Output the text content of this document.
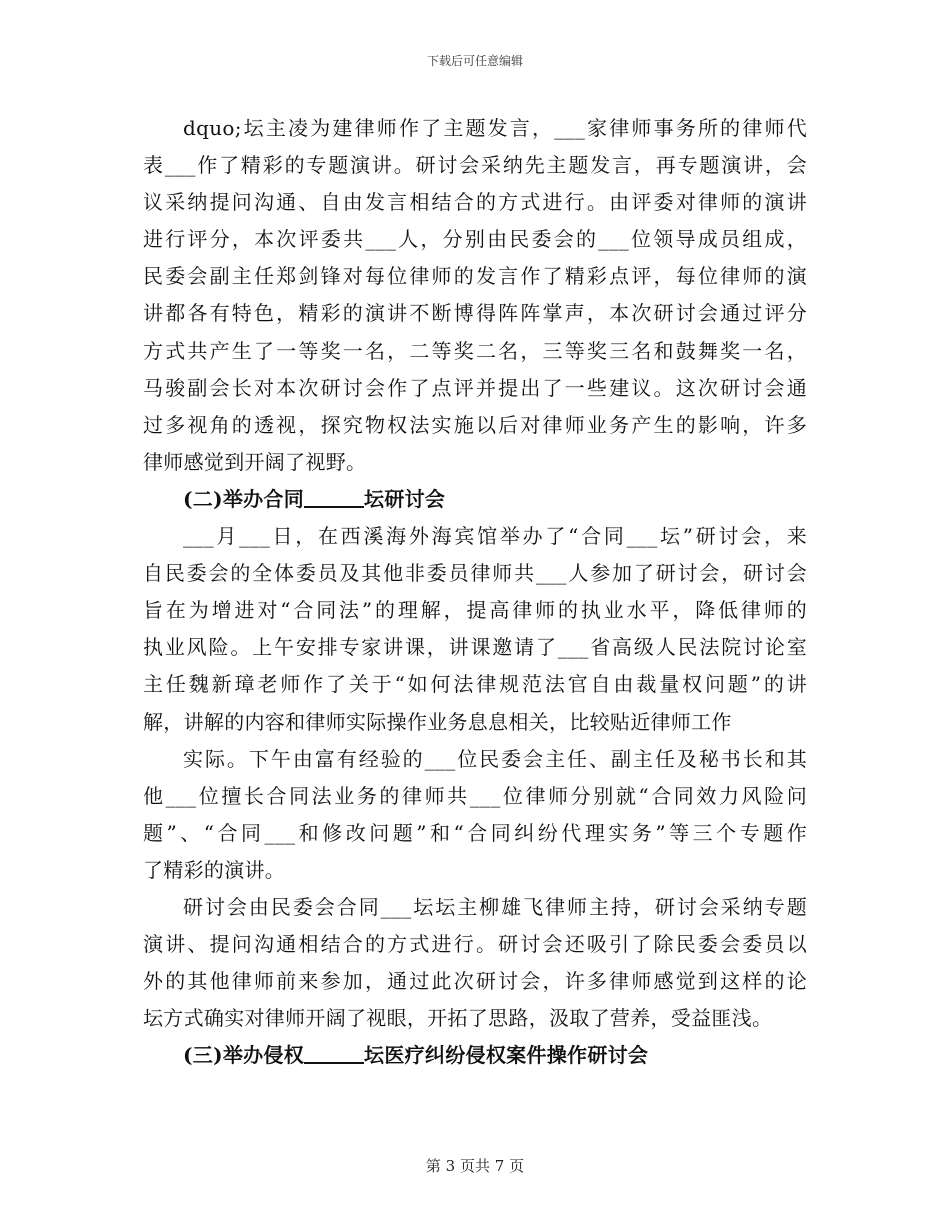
下载后可任意编辑

dquo;坛主凌为建律师作了主题发言，___家律师事务所的律师代

表___作了精彩的专题演讲。研讨会采纳先主题发言，再专题演讲，会

议采纳提问沟通、自由发言相结合的方式进行。由评委对律师的演讲

进行评分，本次评委共___人，分别由民委会的___位领导成员组成，

民委会副主任郑剑锋对每位律师的发言作了精彩点评，每位律师的演

讲都各有特色，精彩的演讲不断博得阵阵掌声，本次研讨会通过评分

方式共产生了一等奖一名，二等奖二名，三等奖三名和鼓舞奖一名，

马骏副会长对本次研讨会作了点评并提出了一些建议。这次研讨会通

过多视角的透视，探究物权法实施以后对律师业务产生的影响，许多

律师感觉到开阔了视野。

(二)举办合同	坛研讨会

___月___日，在西溪海外海宾馆举办了“合同___坛”研讨会，来

自民委会的全体委员及其他非委员律师共___人参加了研讨会，研讨会

旨在为增进对“合同法”的理解，提高律师的执业水平，降低律师的

执业风险。上午安排专家讲课，讲课邀请了___省高级人民法院讨论室

主任魏新璋老师作了关于“如何法律规范法官自由裁量权问题”的讲

解，讲解的内容和律师实际操作业务息息相关，比较贴近律师工作

实际。下午由富有经验的___位民委会主任、副主任及秘书长和其

他___位擅长合同法业务的律师共___位律师分别就“合同效力风险问

题”、“合同___和修改问题”和“合同纠纷代理实务”等三个专题作

了精彩的演讲。

研讨会由民委会合同___坛坛主柳雄飞律师主持，研讨会采纳专题

演讲、提问沟通相结合的方式进行。研讨会还吸引了除民委会委员以

外的其他律师前来参加，通过此次研讨会，许多律师感觉到这样的论

坛方式确实对律师开阔了视眼，开拓了思路，汲取了营养，受益匪浅。

(三)举办侵权	坛医疗纠纷侵权案件操作研讨会

第 3 页共 7 页
